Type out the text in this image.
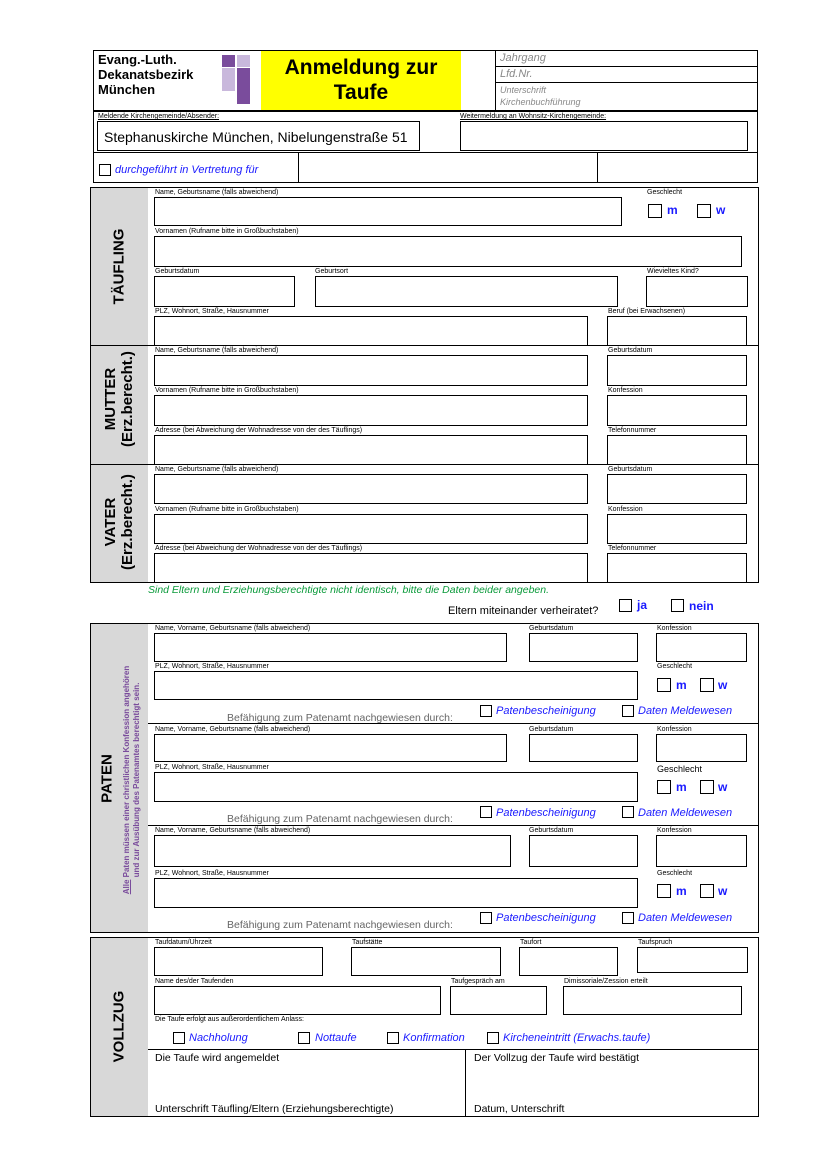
Evang.-Luth.
Dekanatsbezirk
München
Anmeldung zur
Taufe
Jahrgang
Lfd.Nr.
Unterschrift
Kirchenbuchführung
Meldende Kirchengemeinde/Absender:	Weitermeldung an Wohnsitz-Kirchengemeinde:
Stephanuskirche München, Nibelungenstraße 51
durchgeführt in Vertretung für
TÄUFLING
Name, Geburtsname (falls abweichend)	Geschlecht
m	w
Vornamen (Rufname bitte in Großbuchstaben)
Geburtsdatum	Geburtsort	Wievieltes Kind?
PLZ, Wohnort, Straße, Hausnummer	Beruf (bei Erwachsenen)
MUTTER (Erz.berecht.)
Name, Geburtsname (falls abweichend)	Geburtsdatum
Vornamen (Rufname bitte in Großbuchstaben)	Konfession
Adresse (bei Abweichung der Wohnadresse von der des Täuflings)	Telefonnummer
VATER (Erz.berecht.)
Name, Geburtsname (falls abweichend)	Geburtsdatum
Vornamen (Rufname bitte in Großbuchstaben)	Konfession
Adresse (bei Abweichung der Wohnadresse von der des Täuflings)	Telefonnummer
Sind Eltern und Erziehungsberechtigte nicht identisch, bitte die Daten beider angeben.
Eltern miteinander verheiratet?	ja	nein
PATEN
Alle Paten müssen einer christlichen Konfession angehören und zur Ausübung des Patenamtes berechtigt sein.
Name, Vorname, Geburtsname (falls abweichend)	Geburtsdatum	Konfession
PLZ, Wohnort, Straße, Hausnummer	Geschlecht
m	w
Befähigung zum Patenamt nachgewiesen durch:
Patenbescheinigung	Daten Meldewesen
Name, Vorname, Geburtsname (falls abweichend)	Geburtsdatum	Konfession
PLZ, Wohnort, Straße, Hausnummer	Geschlecht
m	w
Befähigung zum Patenamt nachgewiesen durch:	Patenbescheinigung	Daten Meldewesen
Name, Vorname, Geburtsname (falls abweichend)	Geburtsdatum	Konfession
PLZ, Wohnort, Straße, Hausnummer	Geschlecht
m	w
Befähigung zum Patenamt nachgewiesen durch:
Patenbescheinigung	Daten Meldewesen
VOLLZUG
Taufdatum/Uhrzeit	Taufstätte	Taufort	Taufspruch
Name des/der Taufenden	Taufgespräch am	Dimissoriale/Zession erteilt
Die Taufe erfolgt aus außerordentlichem Anlass:
Nachholung	Nottaufe	Konfirmation	Kircheneintritt (Erwachs.taufe)
Die Taufe wird angemeldet	Der Vollzug der Taufe wird bestätigt
Unterschrift Täufling/Eltern (Erziehungsberechtigte)	Datum, Unterschrift
